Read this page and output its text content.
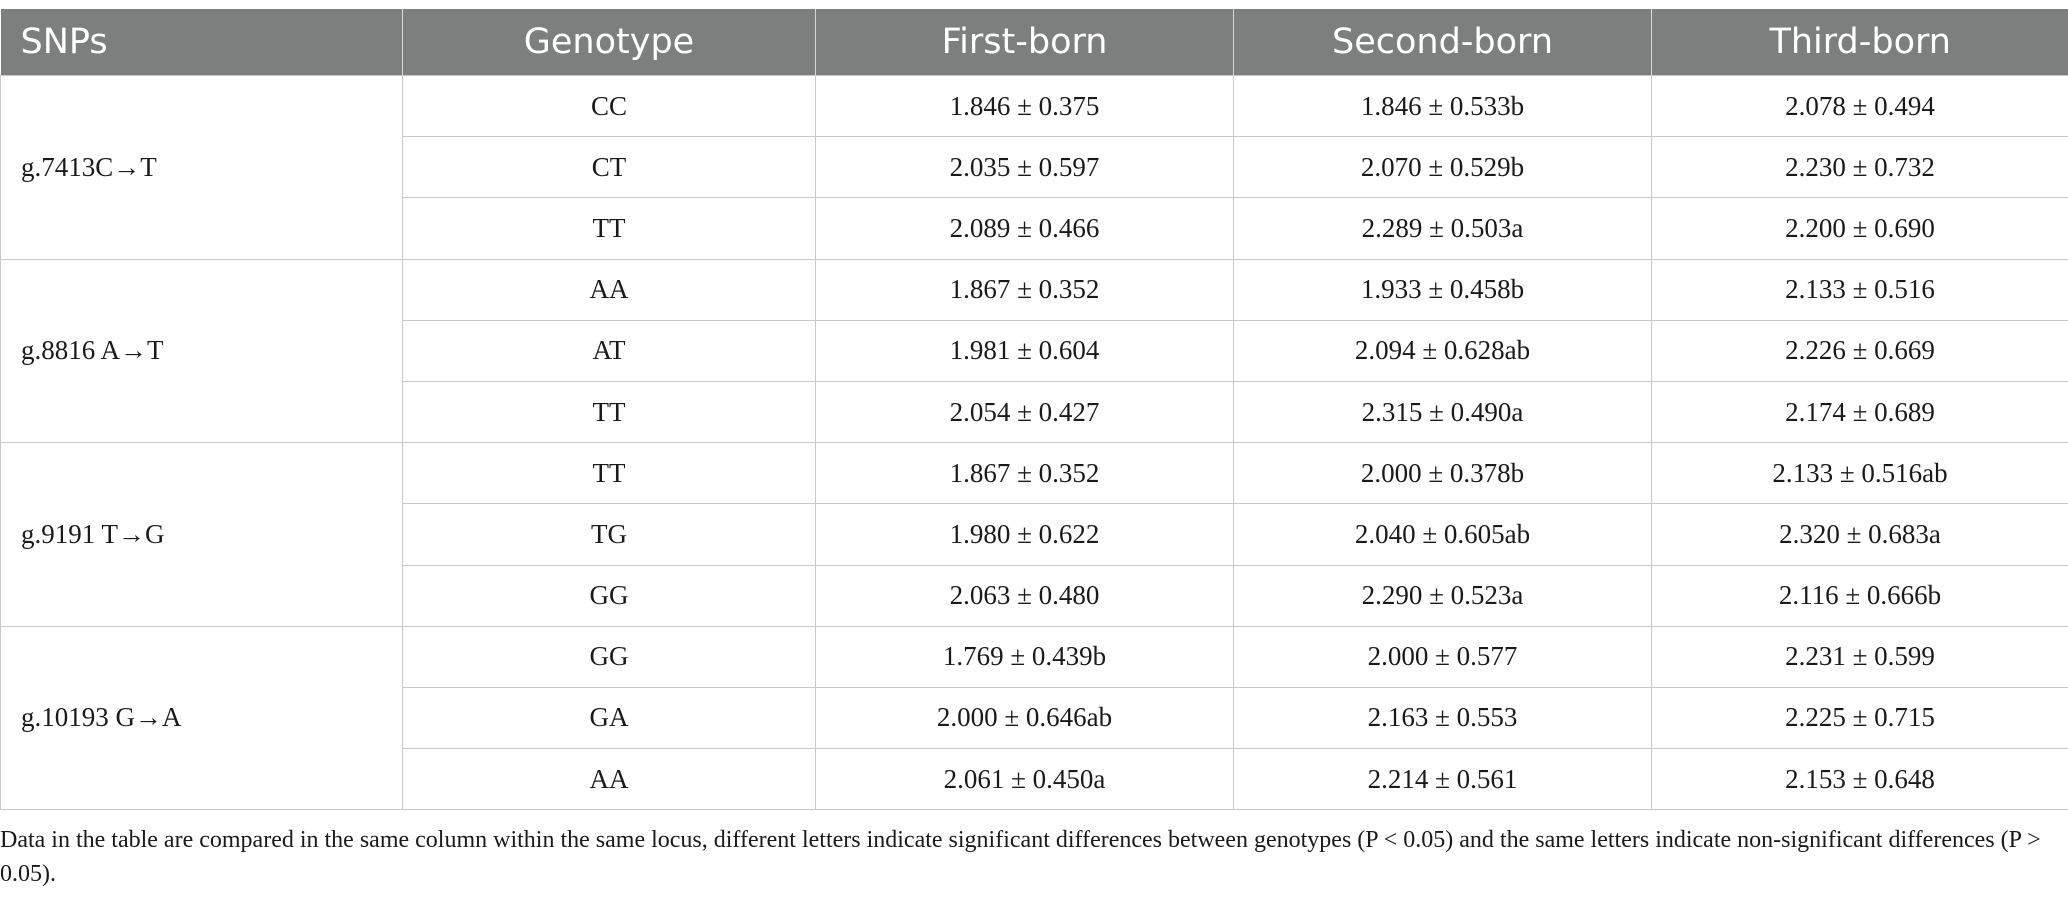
SNPs	Genotype	First-born	Second-born	Third-born
g.7413C→T	CC	1.846 ± 0.375	1.846 ± 0.533b	2.078 ± 0.494
	CT	2.035 ± 0.597	2.070 ± 0.529b	2.230 ± 0.732
	TT	2.089 ± 0.466	2.289 ± 0.503a	2.200 ± 0.690
g.8816 A→T	AA	1.867 ± 0.352	1.933 ± 0.458b	2.133 ± 0.516
	AT	1.981 ± 0.604	2.094 ± 0.628ab	2.226 ± 0.669
	TT	2.054 ± 0.427	2.315 ± 0.490a	2.174 ± 0.689
g.9191 T→G	TT	1.867 ± 0.352	2.000 ± 0.378b	2.133 ± 0.516ab
	TG	1.980 ± 0.622	2.040 ± 0.605ab	2.320 ± 0.683a
	GG	2.063 ± 0.480	2.290 ± 0.523a	2.116 ± 0.666b
g.10193 G→A	GG	1.769 ± 0.439b	2.000 ± 0.577	2.231 ± 0.599
	GA	2.000 ± 0.646ab	2.163 ± 0.553	2.225 ± 0.715
	AA	2.061 ± 0.450a	2.214 ± 0.561	2.153 ± 0.648
Data in the table are compared in the same column within the same locus, different letters indicate significant differences between genotypes (P < 0.05) and the same letters indicate non-significant differences (P > 0.05).
